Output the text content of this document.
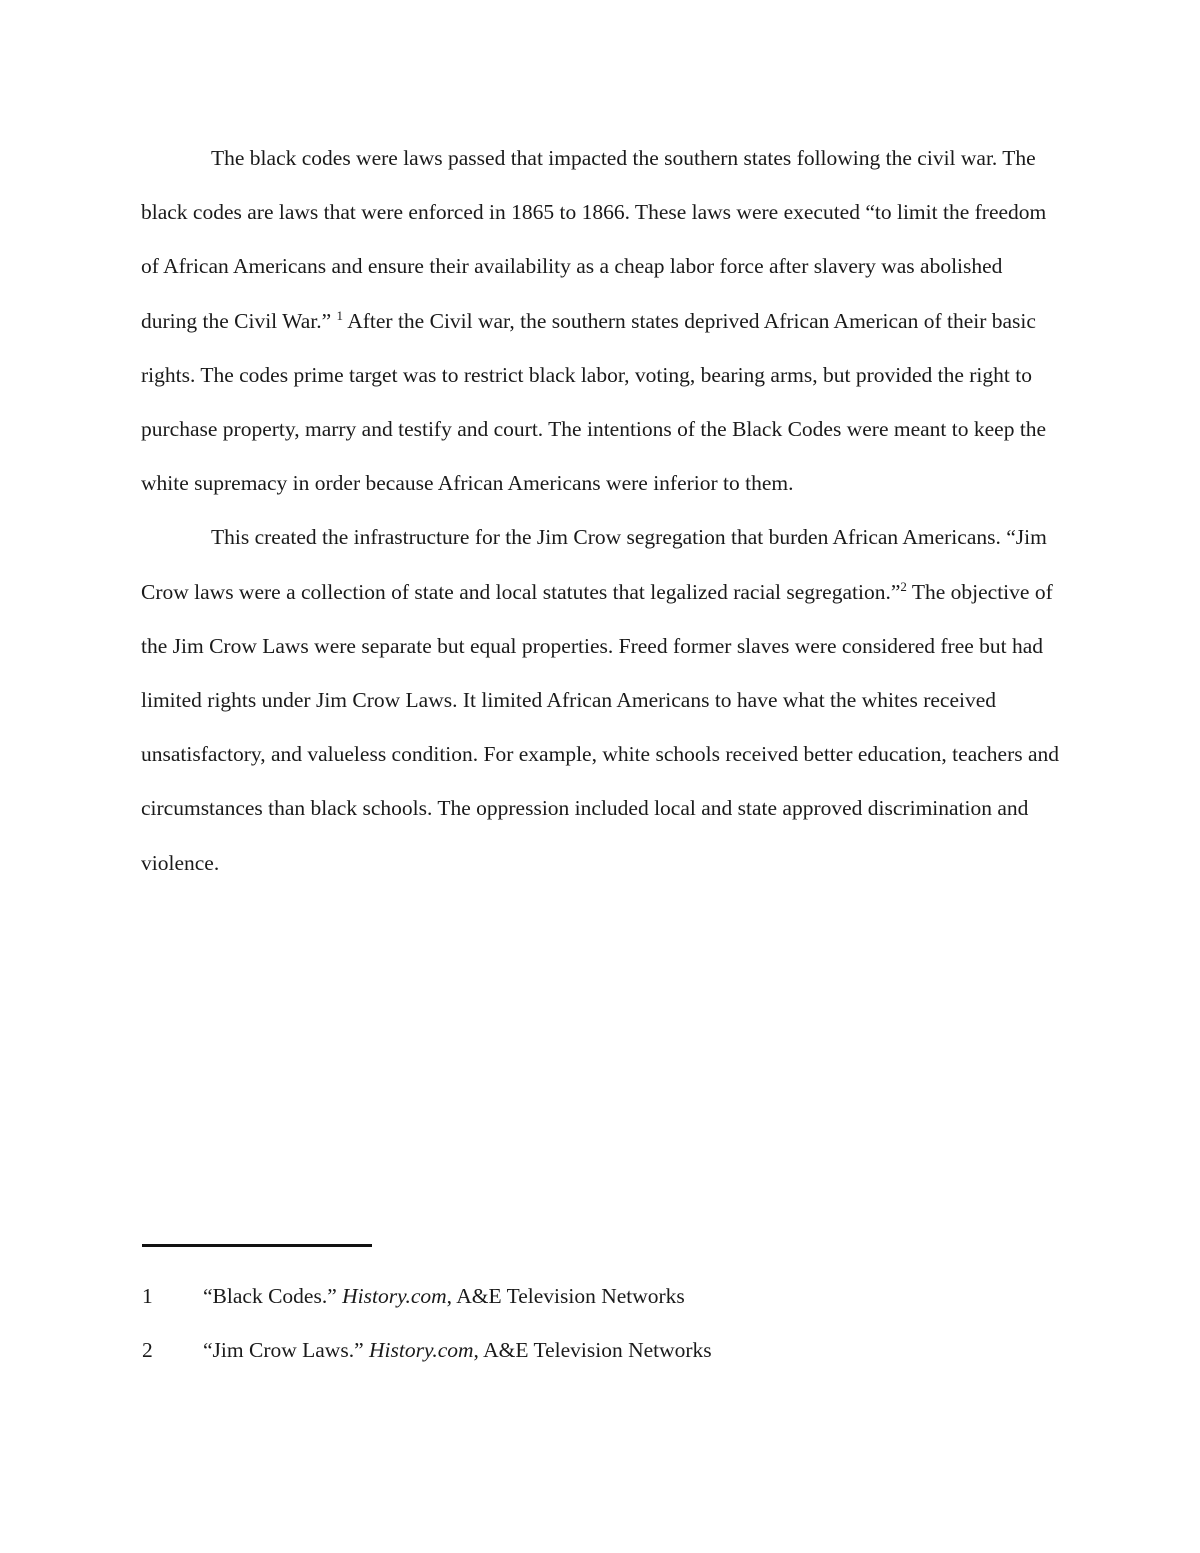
The black codes were laws passed that impacted the southern states following the civil war. The black codes are laws that were enforced in 1865 to 1866. These laws were executed “to limit the freedom of African Americans and ensure their availability as a cheap labor force after slavery was abolished during the Civil War.” $^1$ After the Civil war, the southern states deprived African American of their basic rights. The codes prime target was to restrict black labor, voting, bearing arms, but provided the right to purchase property, marry and testify and court. The intentions of the Black Codes were meant to keep the white supremacy in order because African Americans were inferior to them.

This created the infrastructure for the Jim Crow segregation that burden African Americans. “Jim Crow laws were a collection of state and local statutes that legalized racial segregation.”$^2$ The objective of the Jim Crow Laws were separate but equal properties. Freed former slaves were considered free but had limited rights under Jim Crow Laws. It limited African Americans to have what the whites received unsatisfactory, and valueless condition. For example, white schools received better education, teachers and circumstances than black schools. The oppression included local and state approved discrimination and violence.

1 “Black Codes.” History.com, A&E Television Networks
2 “Jim Crow Laws.” History.com, A&E Television Networks
